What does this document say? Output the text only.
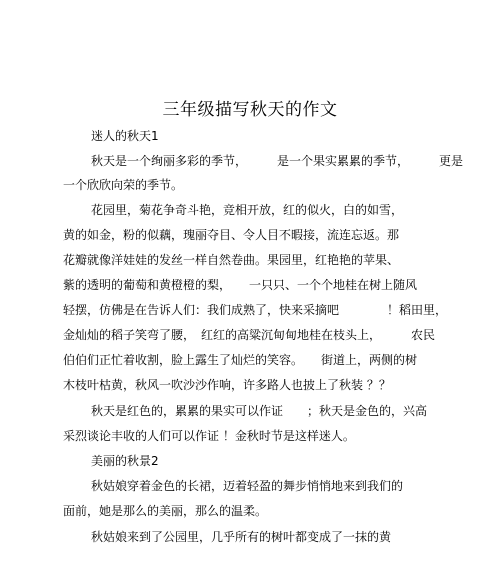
三年级描写秋天的作文
迷人的秋天1
秋天是一个绚丽多彩的季节，　　　是一个果实累累的季节，　　　更是
一个欣欣向荣的季节。
花园里，菊花争奇斗艳，竞相开放，红的似火，白的如雪，
黄的如金，粉的似藕，瑰丽夺目、令人目不暇接，流连忘返。那
花瓣就像洋娃娃的发丝一样自然卷曲。果园里，红艳艳的苹果、
紫的透明的葡萄和黄橙橙的梨，　　一只只、一个个地桂在树上随风
轻摆，仿佛是在告诉人们：我们成熟了，快来采摘吧　　　　！稻田里，
金灿灿的稻子笑弯了腰，　红红的高粱沉甸甸地桂在枝头上，　　　农民
伯伯们正忙着收割，脸上露生了灿烂的笑容。　　街道上，两侧的树
木枝叶枯黄，秋风一吹沙沙作响，许多路人也披上了秋装 ？？
秋天是红色的，累累的果实可以作证　　；秋天是金色的，兴高
采烈谈论丰收的人们可以作证 ！金秋时节是这样迷人。
美丽的秋景2
秋姑娘穿着金色的长裙，迈着轻盈的舞步悄悄地来到我们的
面前，她是那么的美丽，那么的温柔。
秋姑娘来到了公园里，几乎所有的树叶都变成了一抹的黄
